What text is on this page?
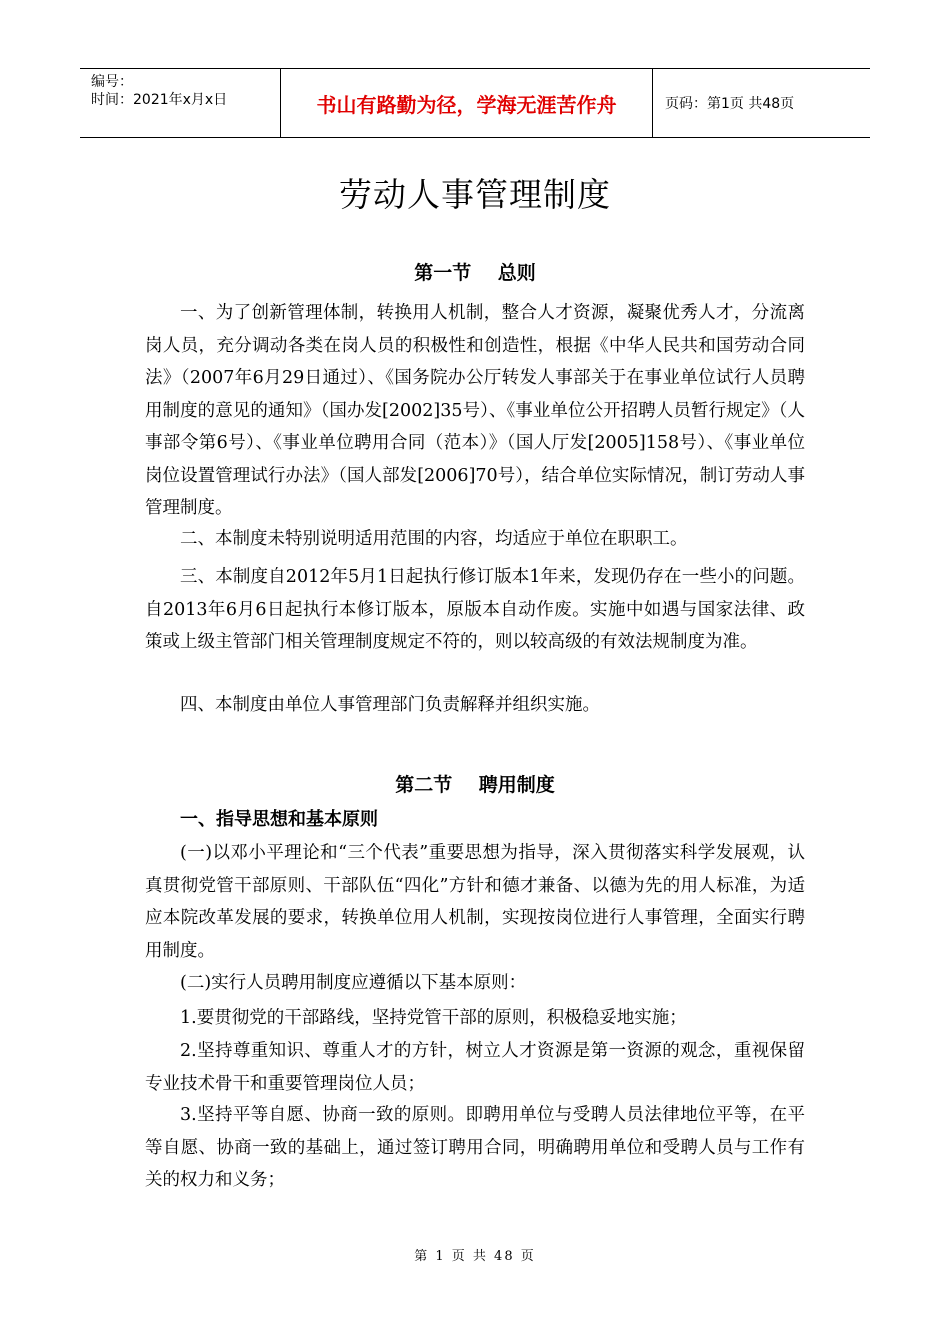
编号：
时间：2021年x月x日	书山有路勤为径，学海无涯苦作舟	页码：第1页 共48页
劳动人事管理制度
第一节    总则

一、为了创新管理体制，转换用人机制，整合人才资源，凝聚优秀人才，分流离岗人员，充分调动各类在岗人员的积极性和创造性，根据《中华人民共和国劳动合同法》（2007年6月29日通过）、《国务院办公厅转发人事部关于在事业单位试行人员聘用制度的意见的通知》（国办发[2002]35号）、《事业单位公开招聘人员暂行规定》（人事部令第6号）、《事业单位聘用合同（范本）》（国人厅发[2005]158号）、《事业单位岗位设置管理试行办法》（国人部发[2006]70号），结合单位实际情况，制订劳动人事管理制度。

二、本制度未特别说明适用范围的内容，均适应于单位在职职工。

三、本制度自2012年5月1日起执行修订版本1年来，发现仍存在一些小的问题。自2013年6月6日起执行本修订版本，原版本自动作废。实施中如遇与国家法律、政策或上级主管部门相关管理制度规定不符的，则以较高级的有效法规制度为准。

四、本制度由单位人事管理部门负责解释并组织实施。

第二节    聘用制度
一、指导思想和基本原则

(一)以邓小平理论和“三个代表”重要思想为指导，深入贯彻落实科学发展观，认真贯彻党管干部原则、干部队伍“四化”方针和德才兼备、以德为先的用人标准，为适应本院改革发展的要求，转换单位用人机制，实现按岗位进行人事管理，全面实行聘用制度。

(二)实行人员聘用制度应遵循以下基本原则：

1.要贯彻党的干部路线，坚持党管干部的原则，积极稳妥地实施；

2.坚持尊重知识、尊重人才的方针，树立人才资源是第一资源的观念，重视保留专业技术骨干和重要管理岗位人员；

3.坚持平等自愿、协商一致的原则。即聘用单位与受聘人员法律地位平等，在平等自愿、协商一致的基础上，通过签订聘用合同，明确聘用单位和受聘人员与工作有关的权力和义务；

第 1 页 共 48 页
